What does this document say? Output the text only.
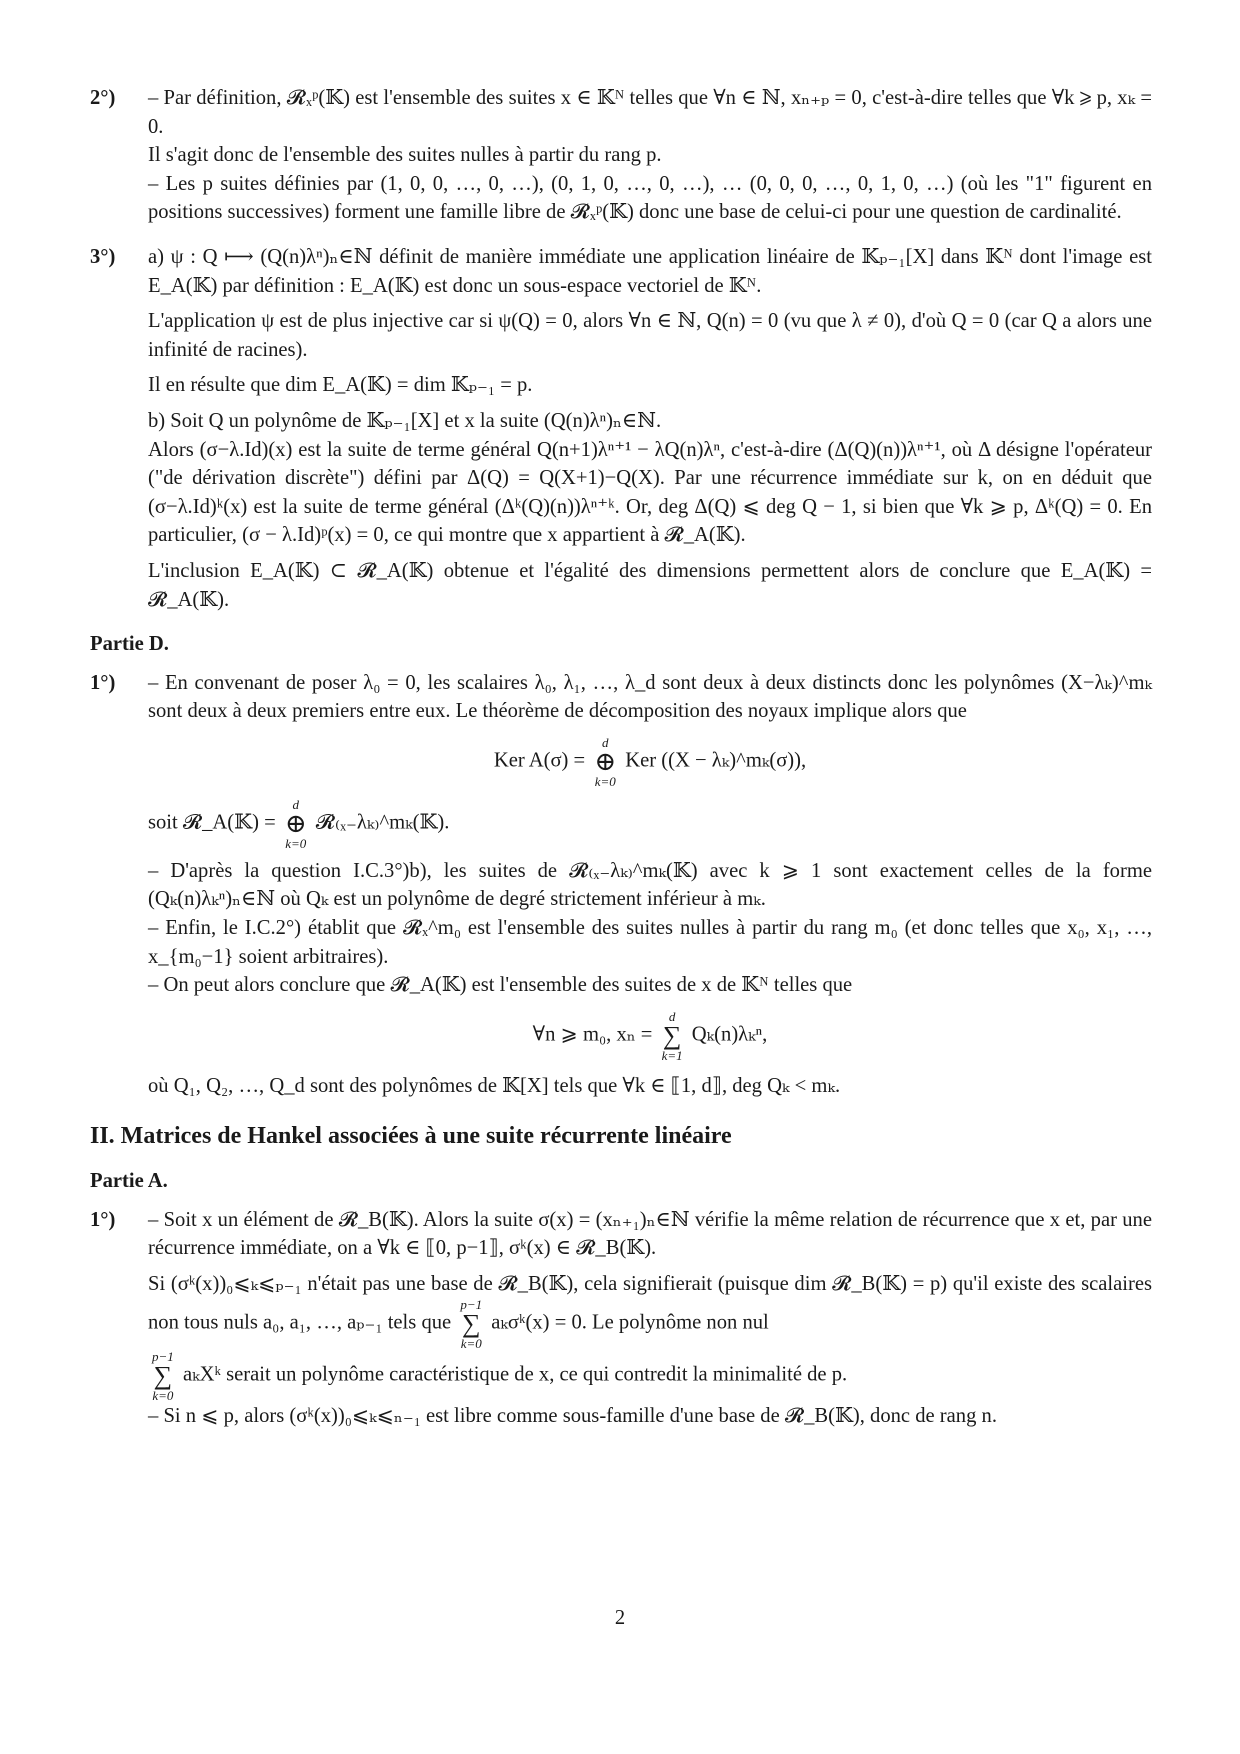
2°)	– Par définition, 𝓡ₓᵖ(𝕂) est l'ensemble des suites x ∈ 𝕂ᴺ telles que ∀n ∈ ℕ, xₙ₊ₚ = 0, c'est-à-dire telles que ∀k ⩾ p, xₖ = 0.

Il s'agit donc de l'ensemble des suites nulles à partir du rang p.

– Les p suites définies par (1, 0, 0, …, 0, …), (0, 1, 0, …, 0, …), … (0, 0, 0, …, 0, 1, 0, …) (où les "1" figurent en positions successives) forment une famille libre de 𝓡ₓᵖ(𝕂) donc une base de celui-ci pour une question de cardinalité.

3°)	a) ψ : Q ⟼ (Q(n)λⁿ)ₙ∈ℕ définit de manière immédiate une application linéaire de 𝕂ₚ₋₁[X] dans 𝕂ᴺ dont l'image est E_A(𝕂) par définition : E_A(𝕂) est donc un sous-espace vectoriel de 𝕂ᴺ.

L'application ψ est de plus injective car si ψ(Q) = 0, alors ∀n ∈ ℕ, Q(n) = 0 (vu que λ ≠ 0), d'où Q = 0 (car Q a alors une infinité de racines).

Il en résulte que dim E_A(𝕂) = dim 𝕂ₚ₋₁ = p.

b) Soit Q un polynôme de 𝕂ₚ₋₁[X] et x la suite (Q(n)λⁿ)ₙ∈ℕ.

Alors (σ−λ.Id)(x) est la suite de terme général Q(n+1)λⁿ⁺¹ − λQ(n)λⁿ, c'est-à-dire (Δ(Q)(n))λⁿ⁺¹, où Δ désigne l'opérateur ("de dérivation discrète") défini par Δ(Q) = Q(X+1)−Q(X). Par une récurrence immédiate sur k, on en déduit que (σ−λ.Id)ᵏ(x) est la suite de terme général (Δᵏ(Q)(n))λⁿ⁺ᵏ. Or, deg Δ(Q) ⩽ deg Q − 1, si bien que ∀k ⩾ p, Δᵏ(Q) = 0. En particulier, (σ − λ.Id)ᵖ(x) = 0, ce qui montre que x appartient à 𝓡_A(𝕂).

L'inclusion E_A(𝕂) ⊂ 𝓡_A(𝕂) obtenue et l'égalité des dimensions permettent alors de conclure que E_A(𝕂) = 𝓡_A(𝕂).

Partie D.
1°)	– En convenant de poser λ₀ = 0, les scalaires λ₀, λ₁, …, λ_d sont deux à deux distincts donc les polynômes (X−λₖ)^mₖ sont deux à deux premiers entre eux. Le théorème de décomposition des noyaux implique alors que

Ker A(σ) =
d
⊕
k=0
Ker ((X − λₖ)^mₖ(σ)),

soit 𝓡_A(𝕂) =
d
⊕
k=0
𝓡₍ₓ₋λₖ₎^mₖ(𝕂).

– D'après la question I.C.3°)b), les suites de 𝓡₍ₓ₋λₖ₎^mₖ(𝕂) avec k ⩾ 1 sont exactement celles de la forme (Qₖ(n)λₖⁿ)ₙ∈ℕ où Qₖ est un polynôme de degré strictement inférieur à mₖ.

– Enfin, le I.C.2°) établit que 𝓡ₓ^m₀ est l'ensemble des suites nulles à partir du rang m₀ (et donc telles que x₀, x₁, …, x_{m₀−1} soient arbitraires).

– On peut alors conclure que 𝓡_A(𝕂) est l'ensemble des suites de x de 𝕂ᴺ telles que

∀n ⩾ m₀, xₙ =
d
∑
k=1
Qₖ(n)λₖⁿ,

où Q₁, Q₂, …, Q_d sont des polynômes de 𝕂[X] tels que ∀k ∈ ⟦1, d⟧, deg Qₖ < mₖ.

II. Matrices de Hankel associées à une suite récurrente linéaire
Partie A.
1°)	– Soit x un élément de 𝓡_B(𝕂). Alors la suite σ(x) = (xₙ₊₁)ₙ∈ℕ vérifie la même relation de récurrence que x et, par une récurrence immédiate, on a ∀k ∈ ⟦0, p−1⟧, σᵏ(x) ∈ 𝓡_B(𝕂).

Si (σᵏ(x))₀⩽ₖ⩽ₚ₋₁ n'était pas une base de 𝓡_B(𝕂), cela signifierait (puisque dim 𝓡_B(𝕂) = p) qu'il existe des scalaires non tous nuls a₀, a₁, …, aₚ₋₁ tels que
p−1
∑
k=0
aₖσᵏ(x) = 0. Le polynôme non nul

p−1
∑
k=0
aₖXᵏ serait un polynôme caractéristique de x, ce qui contredit la minimalité de p.

– Si n ⩽ p, alors (σᵏ(x))₀⩽ₖ⩽ₙ₋₁ est libre comme sous-famille d'une base de 𝓡_B(𝕂), donc de rang n.

2
